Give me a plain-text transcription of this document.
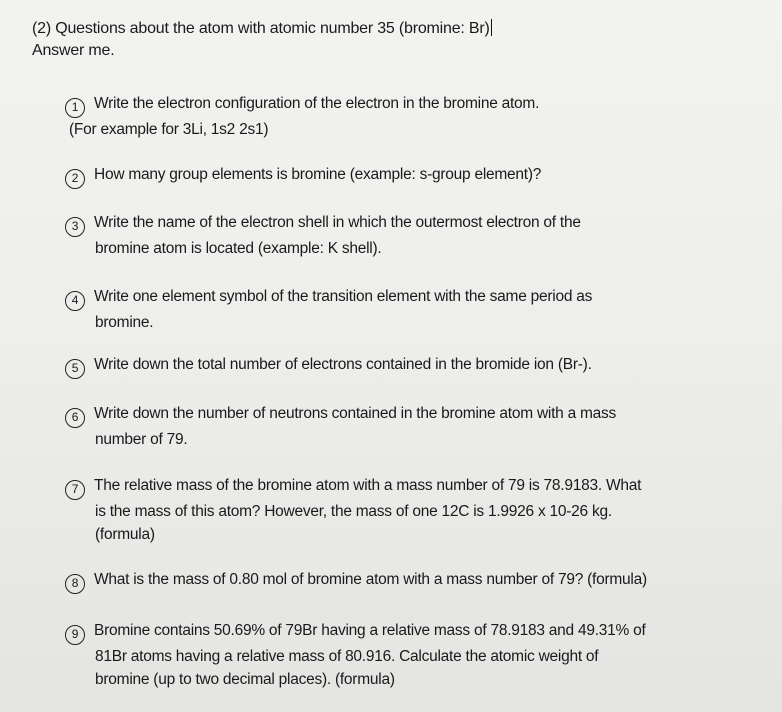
(2) Questions about the atom with atomic number 35 (bromine: Br)
Answer me.
1 Write the electron configuration of the electron in the bromine atom.
(For example for 3Li, 1s2 2s1)
2 How many group elements is bromine (example: s-group element)?
3 Write the name of the electron shell in which the outermost electron of the
bromine atom is located (example: K shell).
4 Write one element symbol of the transition element with the same period as
bromine.
5 Write down the total number of electrons contained in the bromide ion (Br-).
6 Write down the number of neutrons contained in the bromine atom with a mass
number of 79.
7 The relative mass of the bromine atom with a mass number of 79 is 78.9183. What
is the mass of this atom? However, the mass of one 12C is 1.9926 x 10-26 kg.
(formula)
8 What is the mass of 0.80 mol of bromine atom with a mass number of 79? (formula)
9 Bromine contains 50.69% of 79Br having a relative mass of 78.9183 and 49.31% of
81Br atoms having a relative mass of 80.916. Calculate the atomic weight of
bromine (up to two decimal places). (formula)
